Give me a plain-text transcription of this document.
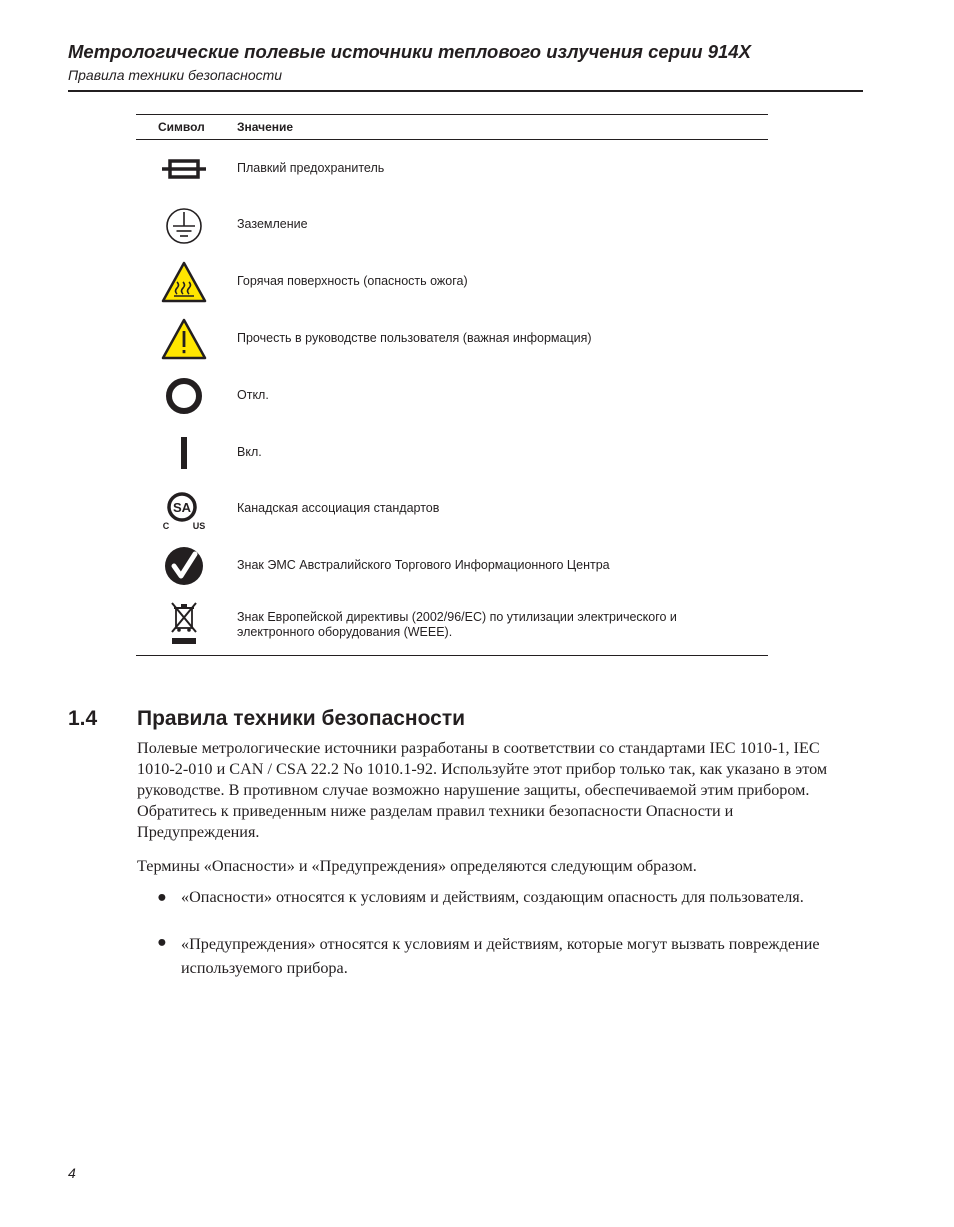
Метрологические полевые источники теплового излучения серии 914X
Правила техники безопасности
Символ	Значение
Плавкий предохранитель
Заземление
Горячая поверхность (опасность ожога)
Прочесть в руководстве пользователя (важная информация)
Откл.
Вкл.
SA
C	US
Канадская ассоциация стандартов
Знак ЭМС Австралийского Торгового Информационного Центра
Знак Европейской директивы (2002/96/EC) по утилизации электрического и электронного оборудования (WEEE).
1.4 Правила техники безопасности
Полевые метрологические источники разработаны в соответствии со стандартами IEC 1010-1, IEC 1010-2-010 и CAN / CSA 22.2 No 1010.1-92. Используйте этот прибор только так, как указано в этом руководстве. В противном случае возможно нарушение защиты, обеспечиваемой этим прибором. Обратитесь к приведенным ниже разделам правил техники безопасности Опасности и Предупреждения.
Термины «Опасности» и «Предупреждения» определяются следующим образом.
● «Опасности» относятся к условиям и действиям, создающим опасность для пользователя.
● «Предупреждения» относятся к условиям и действиям, которые могут вызвать повреждение используемого прибора.
4
